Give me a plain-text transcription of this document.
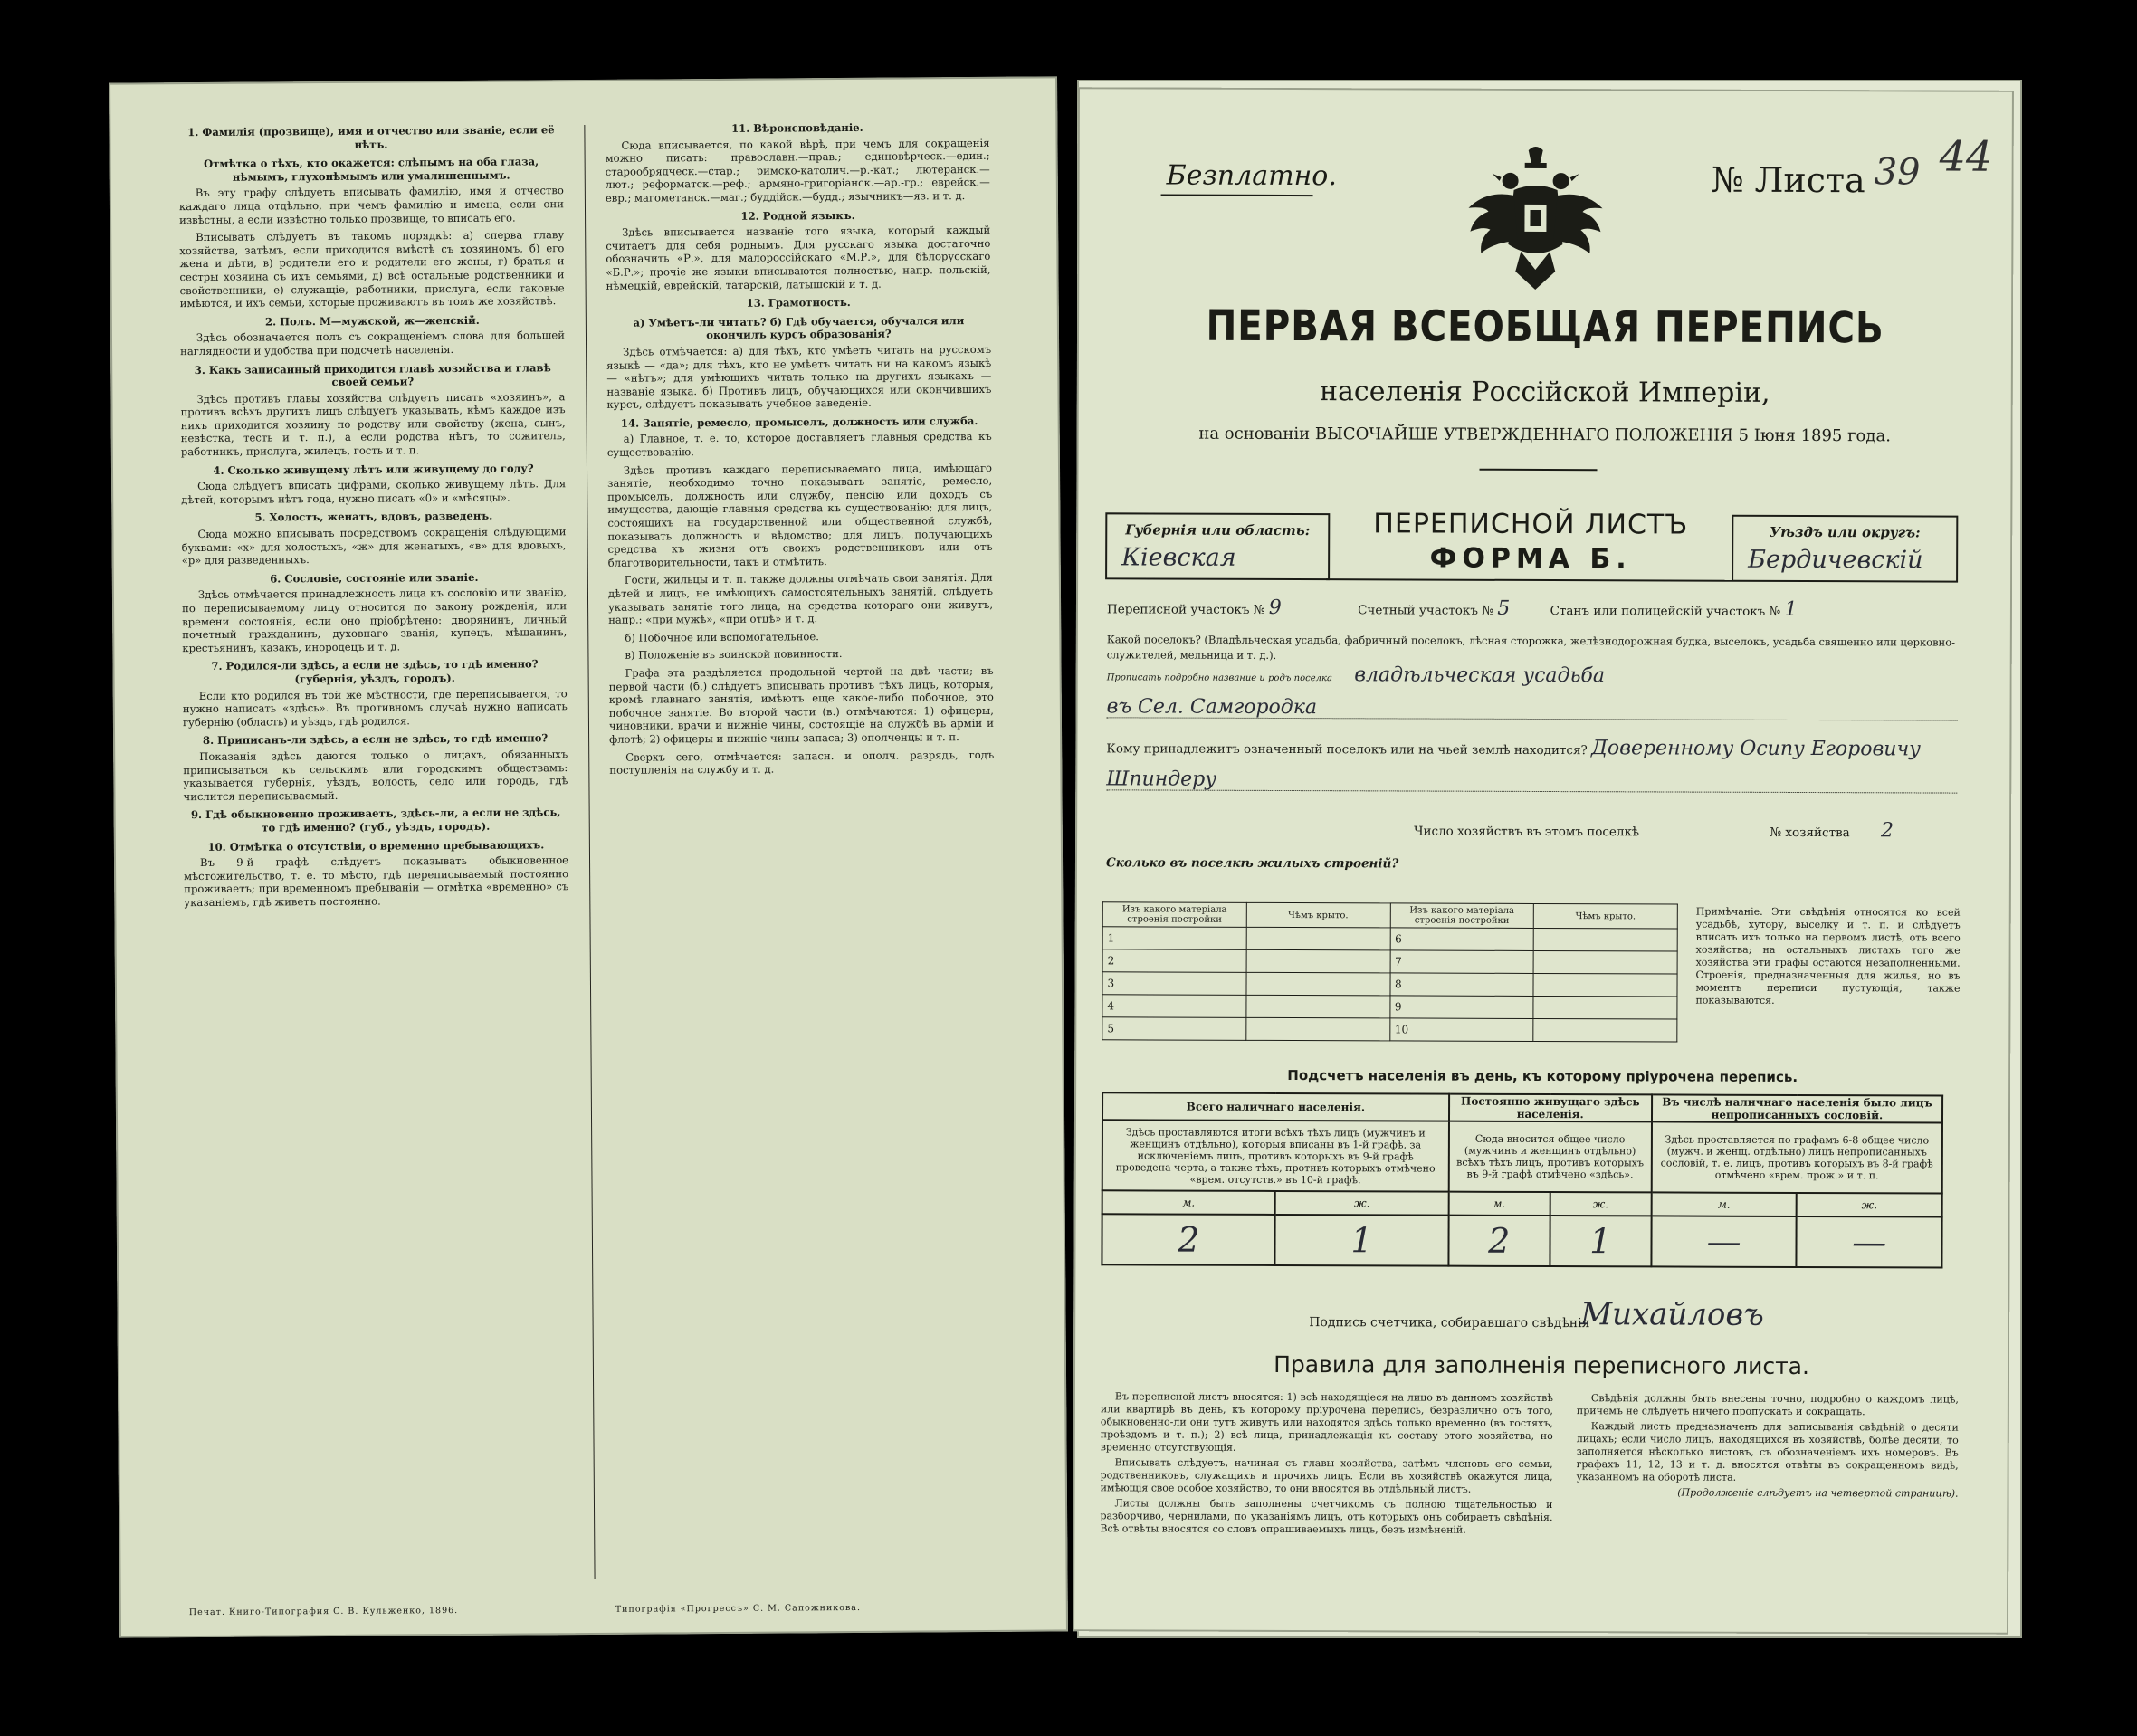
1. Фамилія (прозвище), имя и отчество или званіе, если её нѣтъ.

Отмѣтка о тѣхъ, кто окажется: слѣпымъ на оба глаза, нѣмымъ, глухонѣмымъ или умалишеннымъ.

Въ эту графу слѣдуетъ вписывать фамилію, имя и отчество каждаго лица отдѣльно, при чемъ фамилію и имена, если они извѣстны, а если извѣстно только прозвище, то вписать его.

Вписывать слѣдуетъ въ такомъ порядкѣ: а) сперва главу хозяйства, затѣмъ, если приходится вмѣстѣ съ хозяиномъ, б) его жена и дѣти, в) родители его и родители его жены, г) братья и сестры хозяина съ ихъ семьями, д) всѣ остальные родственники и свойственники, е) служащіе, работники, прислуга, если таковые имѣются, и ихъ семьи, которые проживаютъ въ томъ же хозяйствѣ.

2. Полъ. М—мужской, ж—женскій.

Здѣсь обозначается полъ съ сокращеніемъ слова для большей наглядности и удобства при подсчетѣ населенія.

3. Какъ записанный приходится главѣ хозяйства и главѣ своей семьи?

Здѣсь противъ главы хозяйства слѣдуетъ писать «хозяинъ», а противъ всѣхъ другихъ лицъ слѣдуетъ указывать, кѣмъ каждое изъ нихъ приходится хозяину по родству или свойству (жена, сынъ, невѣстка, тесть и т. п.), а если родства нѣтъ, то сожитель, работникъ, прислуга, жилецъ, гость и т. п.

4. Сколько живущему лѣтъ или живущему до году?

Сюда слѣдуетъ вписать цифрами, сколько живущему лѣтъ. Для дѣтей, которымъ нѣтъ года, нужно писать «0» и «мѣсяцы».

5. Холостъ, женатъ, вдовъ, разведенъ.

Сюда можно вписывать посредствомъ сокращенія слѣдующими буквами: «х» для холостыхъ, «ж» для женатыхъ, «в» для вдовыхъ, «р» для разведенныхъ.

6. Сословіе, состояніе или званіе.

Здѣсь отмѣчается принадлежность лица къ сословію или званію, по переписываемому лицу относится по закону рожденія, или времени состоянія, если оно пріобрѣтено: дворянинъ, личный почетный гражданинъ, духовнаго званія, купецъ, мѣщанинъ, крестьянинъ, казакъ, инородецъ и т. д.

7. Родился-ли здѣсь, а если не здѣсь, то гдѣ именно? (губернія, уѣздъ, городъ).

Если кто родился въ той же мѣстности, где переписывается, то нужно написать «здѣсь». Въ противномъ случаѣ нужно написать губернію (область) и уѣздъ, гдѣ родился.

8. Приписанъ-ли здѣсь, а если не здѣсь, то гдѣ именно?

Показанія здѣсь даются только о лицахъ, обязанныхъ приписываться къ сельскимъ или городскимъ обществамъ: указывается губернія, уѣздъ, волость, село или городъ, гдѣ числится переписываемый.

9. Гдѣ обыкновенно проживаетъ, здѣсь-ли, а если не здѣсь, то гдѣ именно? (губ., уѣздъ, городъ).

10. Отмѣтка о отсутствіи, о временно пребывающихъ.

Въ 9-й графѣ слѣдуетъ показывать обыкновенное мѣстожительство, т. е. то мѣсто, гдѣ переписываемый постоянно проживаетъ; при временномъ пребываніи — отмѣтка «временно» съ указаніемъ, гдѣ живетъ постоянно.

11. Вѣроисповѣданіе.

Сюда вписывается, по какой вѣрѣ, при чемъ для сокращенія можно писать: православн.—прав.; единовѣрческ.—един.; старообрядческ.—стар.; римско-католич.—р.-кат.; лютеранск.—лют.; реформатск.—реф.; армяно-григоріанск.—ар.-гр.; еврейск.—евр.; магометанск.—маг.; буддійск.—будд.; язычникъ—яз. и т. д.

12. Родной языкъ.

Здѣсь вписывается названіе того языка, который каждый считаетъ для себя роднымъ. Для русскаго языка достаточно обозначить «Р.», для малороссійскаго «М.Р.», для бѣлорусскаго «Б.Р.»; прочіе же языки вписываются полностью, напр. польскій, нѣмецкій, еврейскій, татарскій, латышскій и т. д.

13. Грамотность.

а) Умѣетъ-ли читать? б) Гдѣ обучается, обучался или окончилъ курсъ образованія?

Здѣсь отмѣчается: а) для тѣхъ, кто умѣетъ читать на русскомъ языкѣ — «да»; для тѣхъ, кто не умѣетъ читать ни на какомъ языкѣ — «нѣтъ»; для умѣющихъ читать только на другихъ языкахъ — названіе языка. б) Противъ лицъ, обучающихся или окончившихъ курсъ, слѣдуетъ показывать учебное заведеніе.

14. Занятіе, ремесло, промыселъ, должность или служба.

а) Главное, т. е. то, которое доставляетъ главныя средства къ существованію.

Здѣсь противъ каждаго переписываемаго лица, имѣющаго занятіе, необходимо точно показывать занятіе, ремесло, промыселъ, должность или службу, пенсію или доходъ съ имущества, дающіе главныя средства къ существованію; для лицъ, состоящихъ на государственной или общественной службѣ, показывать должность и вѣдомство; для лицъ, получающихъ средства къ жизни отъ своихъ родственниковъ или отъ благотворительности, такъ и отмѣтить.

Гости, жильцы и т. п. также должны отмѣчать свои занятія. Для дѣтей и лицъ, не имѣющихъ самостоятельныхъ занятій, слѣдуетъ указывать занятіе того лица, на средства котораго они живутъ, напр.: «при мужѣ», «при отцѣ» и т. д.

б) Побочное или вспомогательное.

в) Положеніе въ воинской повинности.

Графа эта раздѣляется продольной чертой на двѣ части; въ первой части (б.) слѣдуетъ вписывать противъ тѣхъ лицъ, которыя, кромѣ главнаго занятія, имѣютъ еще какое-либо побочное, это побочное занятіе. Во второй части (в.) отмѣчаются: 1) офицеры, чиновники, врачи и нижніе чины, состоящіе на службѣ въ армiи и флотѣ; 2) офицеры и нижніе чины запаса; 3) ополченцы и т. п.

Сверхъ сего, отмѣчается: запасн. и ополч. разрядъ, годъ поступленія на службу и т. д.

Печат. Книго-Типография С. В. Кульженко, 1896.	Типографія «Прогрессъ» С. М. Сапожникова.
Безплатно.	№ Листа 39 44
ПЕРВАЯ ВСЕОБЩАЯ ПЕРЕПИСЬ
населенія Россійской Имперіи,
на основаніи ВЫСОЧАЙШЕ УТВЕРЖДЕННАГО ПОЛОЖЕНІЯ 5 Іюня 1895 года.
Губернія или область:
Кіевская
ПЕРЕПИСНОЙ ЛИСТЪ
ФОРМА Б.
Уѣздъ или округъ:
Бердичевскій
Переписной участокъ № 9	Счетный участокъ № 5	Станъ или полицейскій участокъ № 1
Какой поселокъ? (Владѣльческая усадьба, фабричный поселокъ, лѣсная сторожка, желѣзнодорожная будка, выселокъ, усадьба священно или церковно-служителей, мельница и т. д.).
Прописать подробно название и родъ поселка владѣльческая усадьба
въ Сел. Самгородка
Кому принадлежитъ означенный поселокъ или на чьей землѣ находится? Доверенному Осипу Егоровичу
Шпиндеру
Число хозяйствъ въ этомъ поселкѣ	№ хозяйства 2
Сколько въ поселкѣ жилыхъ строеній?
Изъ какого матеріала строенія постройки	Чѣмъ крыто.	Изъ какого матеріала строенія постройки	Чѣмъ крыто.
1		6	
2		7	
3		8	
4		9	
5		10	
Примѣчаніе. Эти свѣдѣнія относятся ко всей усадьбѣ, хутору, выселку и т. п. и слѣдуетъ вписать ихъ только на первомъ листѣ, отъ всего хозяйства; на остальныхъ листахъ того же хозяйства эти графы остаются незаполненными. Строенія, предназначенныя для жилья, но въ моментъ переписи пустующія, также показываются.
Подсчетъ населенія въ день, къ которому пріурочена перепись.
Всего наличнаго населенія.		Постоянно живущаго здѣсь населенія.		Въ числѣ наличнаго населенія было лицъ непрописанныхъ сословій.	
Здѣсь проставляются итоги всѣхъ тѣхъ лицъ (мужчинъ и женщинъ отдѣльно), которыя вписаны въ 1-й графѣ, за исключеніемъ лицъ, противъ которыхъ въ 9-й графѣ проведена черта, а также тѣхъ, противъ которыхъ отмѣчено «врем. отсутств.» въ 10-й графѣ.		Сюда вносится общее число (мужчинъ и женщинъ отдѣльно) всѣхъ тѣхъ лицъ, противъ которыхъ въ 9-й графѣ отмѣчено «здѣсь».		Здѣсь проставляется по графамъ 6-8 общее число (мужч. и женщ. отдѣльно) лицъ непрописанныхъ сословій, т. е. лицъ, противъ которыхъ въ 8-й графѣ отмѣчено «врем. прож.» и т. п.	
м.	ж.	м.	ж.	м.	ж.
2	1	2	1	—	—
Подпись счетчика, собиравшаго свѣдѣнія
Михайловъ
Правила для заполненія переписного листа.

Въ переписной листъ вносятся: 1) всѣ находящіеся на лицо въ данномъ хозяйствѣ или квартирѣ въ день, къ которому пріурочена перепись, безразлично отъ того, обыкновенно-ли они тутъ живутъ или находятся здѣсь только временно (въ гостяхъ, проѣздомъ и т. п.); 2) всѣ лица, принадлежащія къ составу этого хозяйства, но временно отсутствующія.

Вписывать слѣдуетъ, начиная съ главы хозяйства, затѣмъ членовъ его семьи, родственниковъ, служащихъ и прочихъ лицъ. Если въ хозяйствѣ окажутся лица, имѣющія свое особое хозяйство, то они вносятся въ отдѣльный листъ.

Листы должны быть заполнены счетчикомъ съ полною тщательностью и разборчиво, чернилами, по указаніямъ лицъ, отъ которыхъ онъ собираетъ свѣдѣнія. Всѣ отвѣты вносятся со словъ опрашиваемыхъ лицъ, безъ измѣненій.

Свѣдѣнія должны быть внесены точно, подробно о каждомъ лицѣ, причемъ не слѣдуетъ ничего пропускать и сокращать.

Каждый листъ предназначенъ для записыванія свѣдѣній о десяти лицахъ; если число лицъ, находящихся въ хозяйствѣ, болѣе десяти, то заполняется нѣсколько листовъ, съ обозначеніемъ ихъ номеровъ. Въ графахъ 11, 12, 13 и т. д. вносятся отвѣты въ сокращенномъ видѣ, указанномъ на оборотѣ листа.

(Продолженіе слѣдуетъ на четвертой страницѣ).
